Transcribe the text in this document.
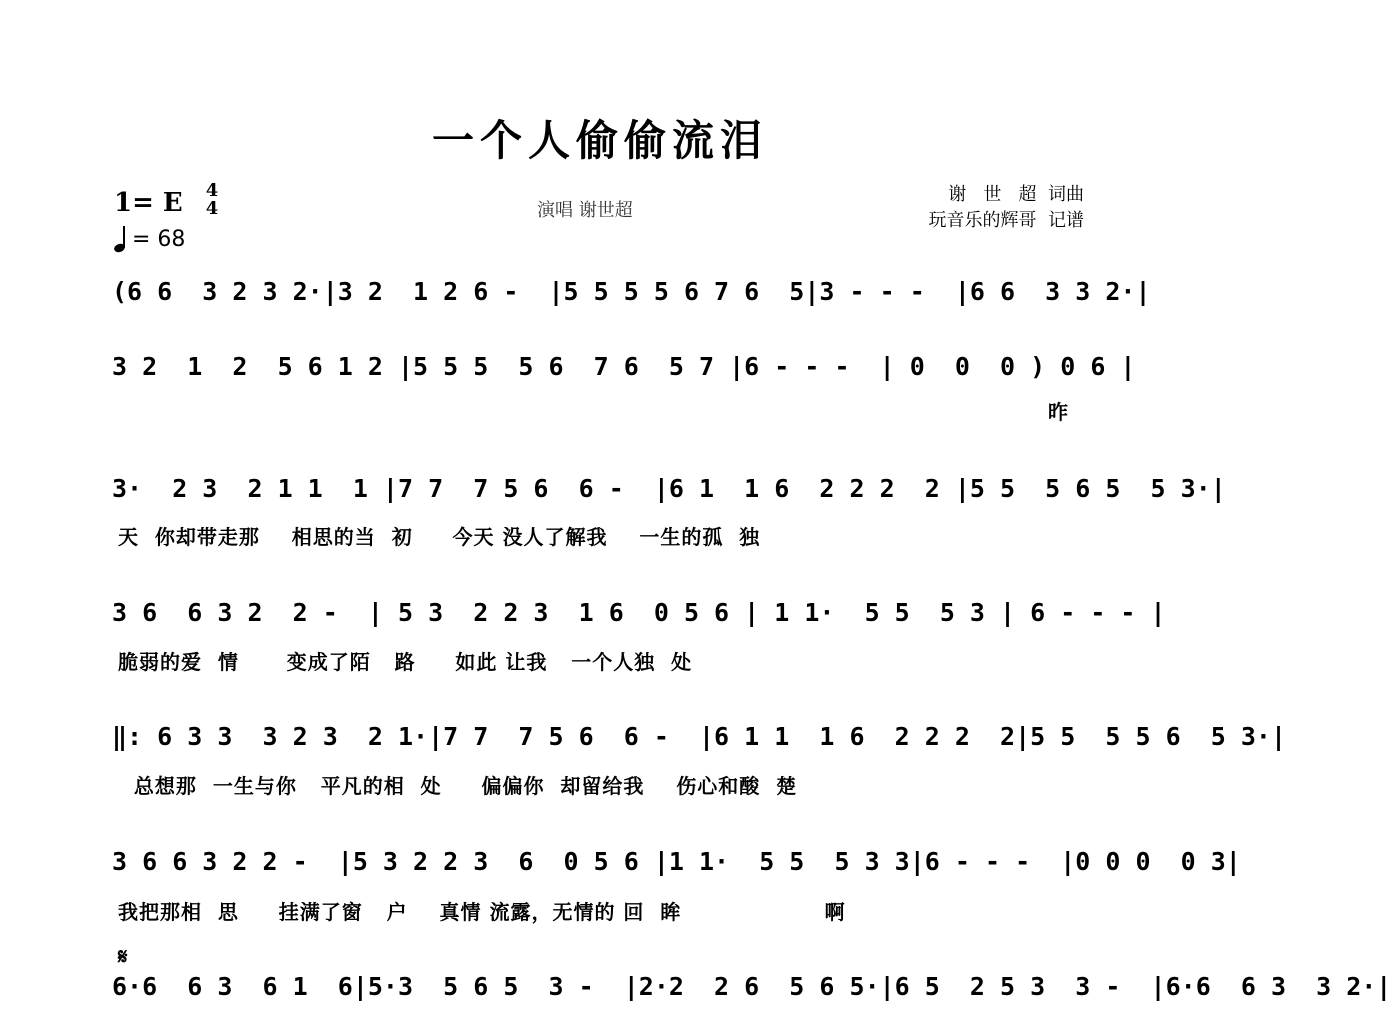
一个人偷偷流泪
1= E	4
4
= 68
演唱 谢世超
谢   世   超  词曲
玩音乐的辉哥  记谱
(6 6  3 2 3 2·|3 2  1 2 6 -  |5 5 5 5 6 7 6  5|3 - - -  |6 6  3 3 2·|
3 2  1  2  5 6 1 2 |5 5 5  5 6  7 6  5 7 |6 - - -  | 0  0  0 ) 0 6 |
昨
3·  2 3  2 1 1  1 |7 7  7 5 6  6 -  |6 1  1 6  2 2 2  2 |5 5  5 6 5  5 3·|
天  你却带走那    相思的当  初     今天 没人了解我    一生的孤  独
3 6  6 3 2  2 -  | 5 3  2 2 3  1 6  0 5 6 | 1 1·  5 5  5 3 | 6 - - - |
脆弱的爱  情      变成了陌   路     如此 让我   一个人独  处
‖: 6 3 3  3 2 3  2 1·|7 7  7 5 6  6 -  |6 1 1  1 6  2 2 2  2|5 5  5 5 6  5 3·|
总想那  一生与你   平凡的相  处     偏偏你  却留给我    伤心和酸  楚
3 6 6 3 2 2 -  |5 3 2 2 3  6  0 5 6 |1 1·  5 5  5 3 3|6 - - -  |0 0 0  0 3|
我把那相  思     挂满了窗   户    真情 流露，无情的 回  眸                  啊
𝄋
6·6  6 3  6 1  6|5·3  5 6 5  3 -  |2·2  2 6  5 6 5·|6 5  2 5 3  3 -  |6·6  6 3  3 2·|
